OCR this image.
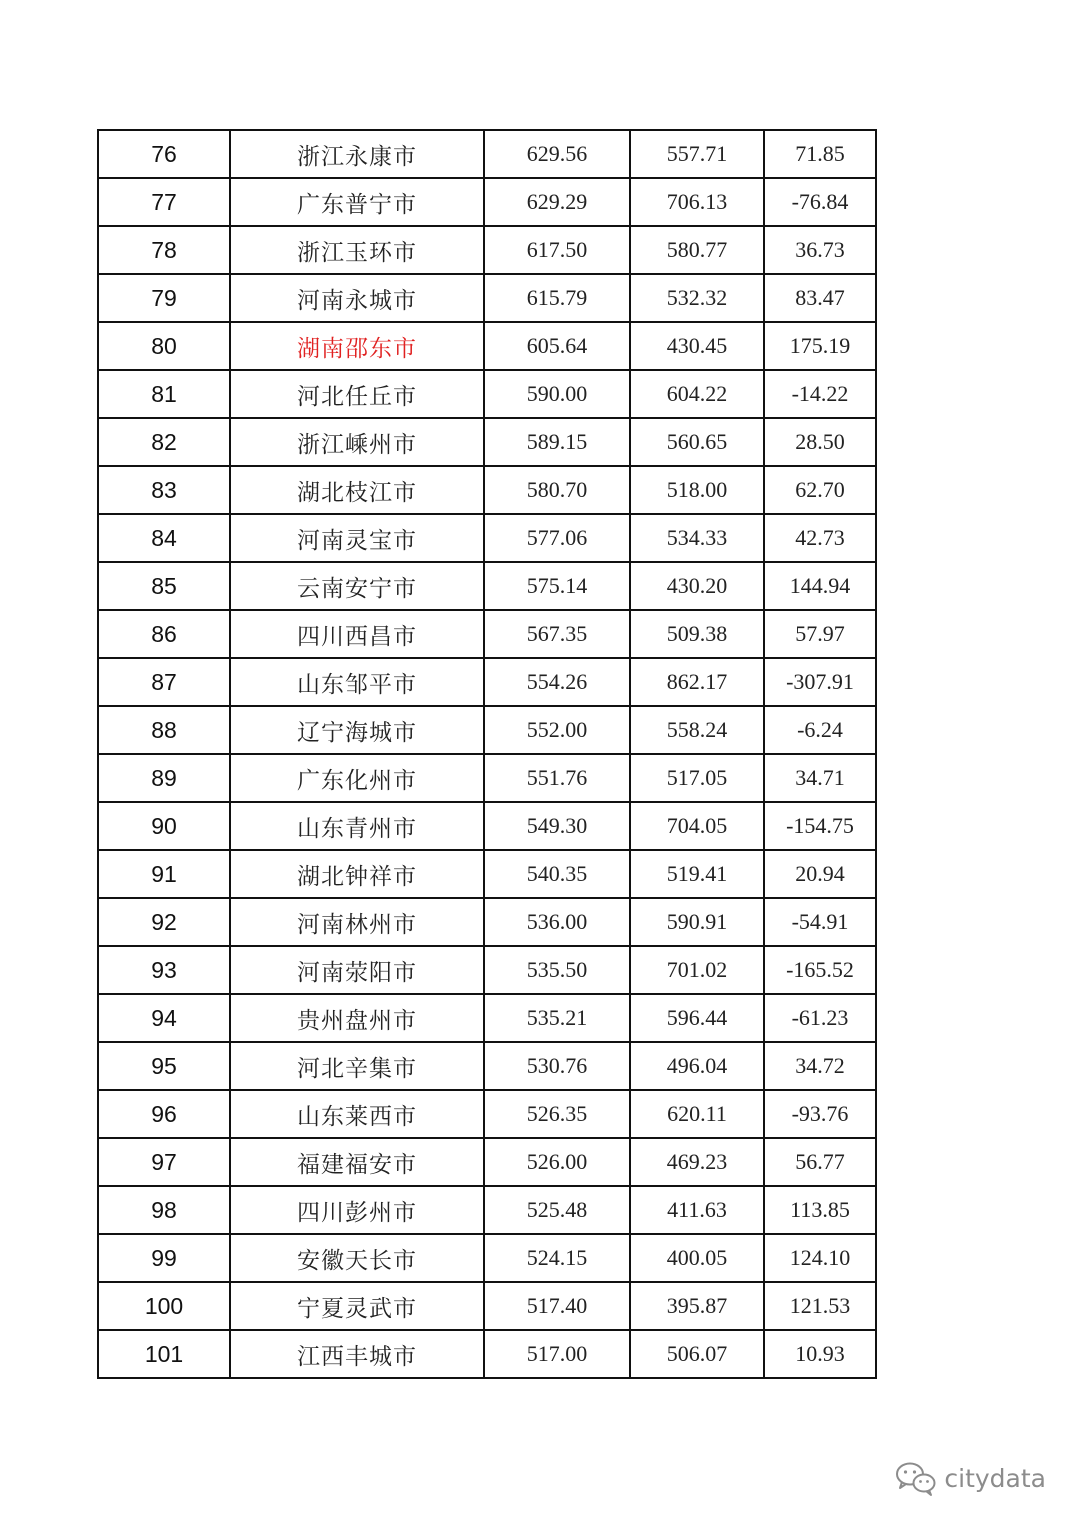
76	浙江永康市	629.56	557.71	71.85
77	广东普宁市	629.29	706.13	-76.84
78	浙江玉环市	617.50	580.77	36.73
79	河南永城市	615.79	532.32	83.47
80	湖南邵东市	605.64	430.45	175.19
81	河北任丘市	590.00	604.22	-14.22
82	浙江嵊州市	589.15	560.65	28.50
83	湖北枝江市	580.70	518.00	62.70
84	河南灵宝市	577.06	534.33	42.73
85	云南安宁市	575.14	430.20	144.94
86	四川西昌市	567.35	509.38	57.97
87	山东邹平市	554.26	862.17	-307.91
88	辽宁海城市	552.00	558.24	-6.24
89	广东化州市	551.76	517.05	34.71
90	山东青州市	549.30	704.05	-154.75
91	湖北钟祥市	540.35	519.41	20.94
92	河南林州市	536.00	590.91	-54.91
93	河南荥阳市	535.50	701.02	-165.52
94	贵州盘州市	535.21	596.44	-61.23
95	河北辛集市	530.76	496.04	34.72
96	山东莱西市	526.35	620.11	-93.76
97	福建福安市	526.00	469.23	56.77
98	四川彭州市	525.48	411.63	113.85
99	安徽天长市	524.15	400.05	124.10
100	宁夏灵武市	517.40	395.87	121.53
101	江西丰城市	517.00	506.07	10.93
citydata
